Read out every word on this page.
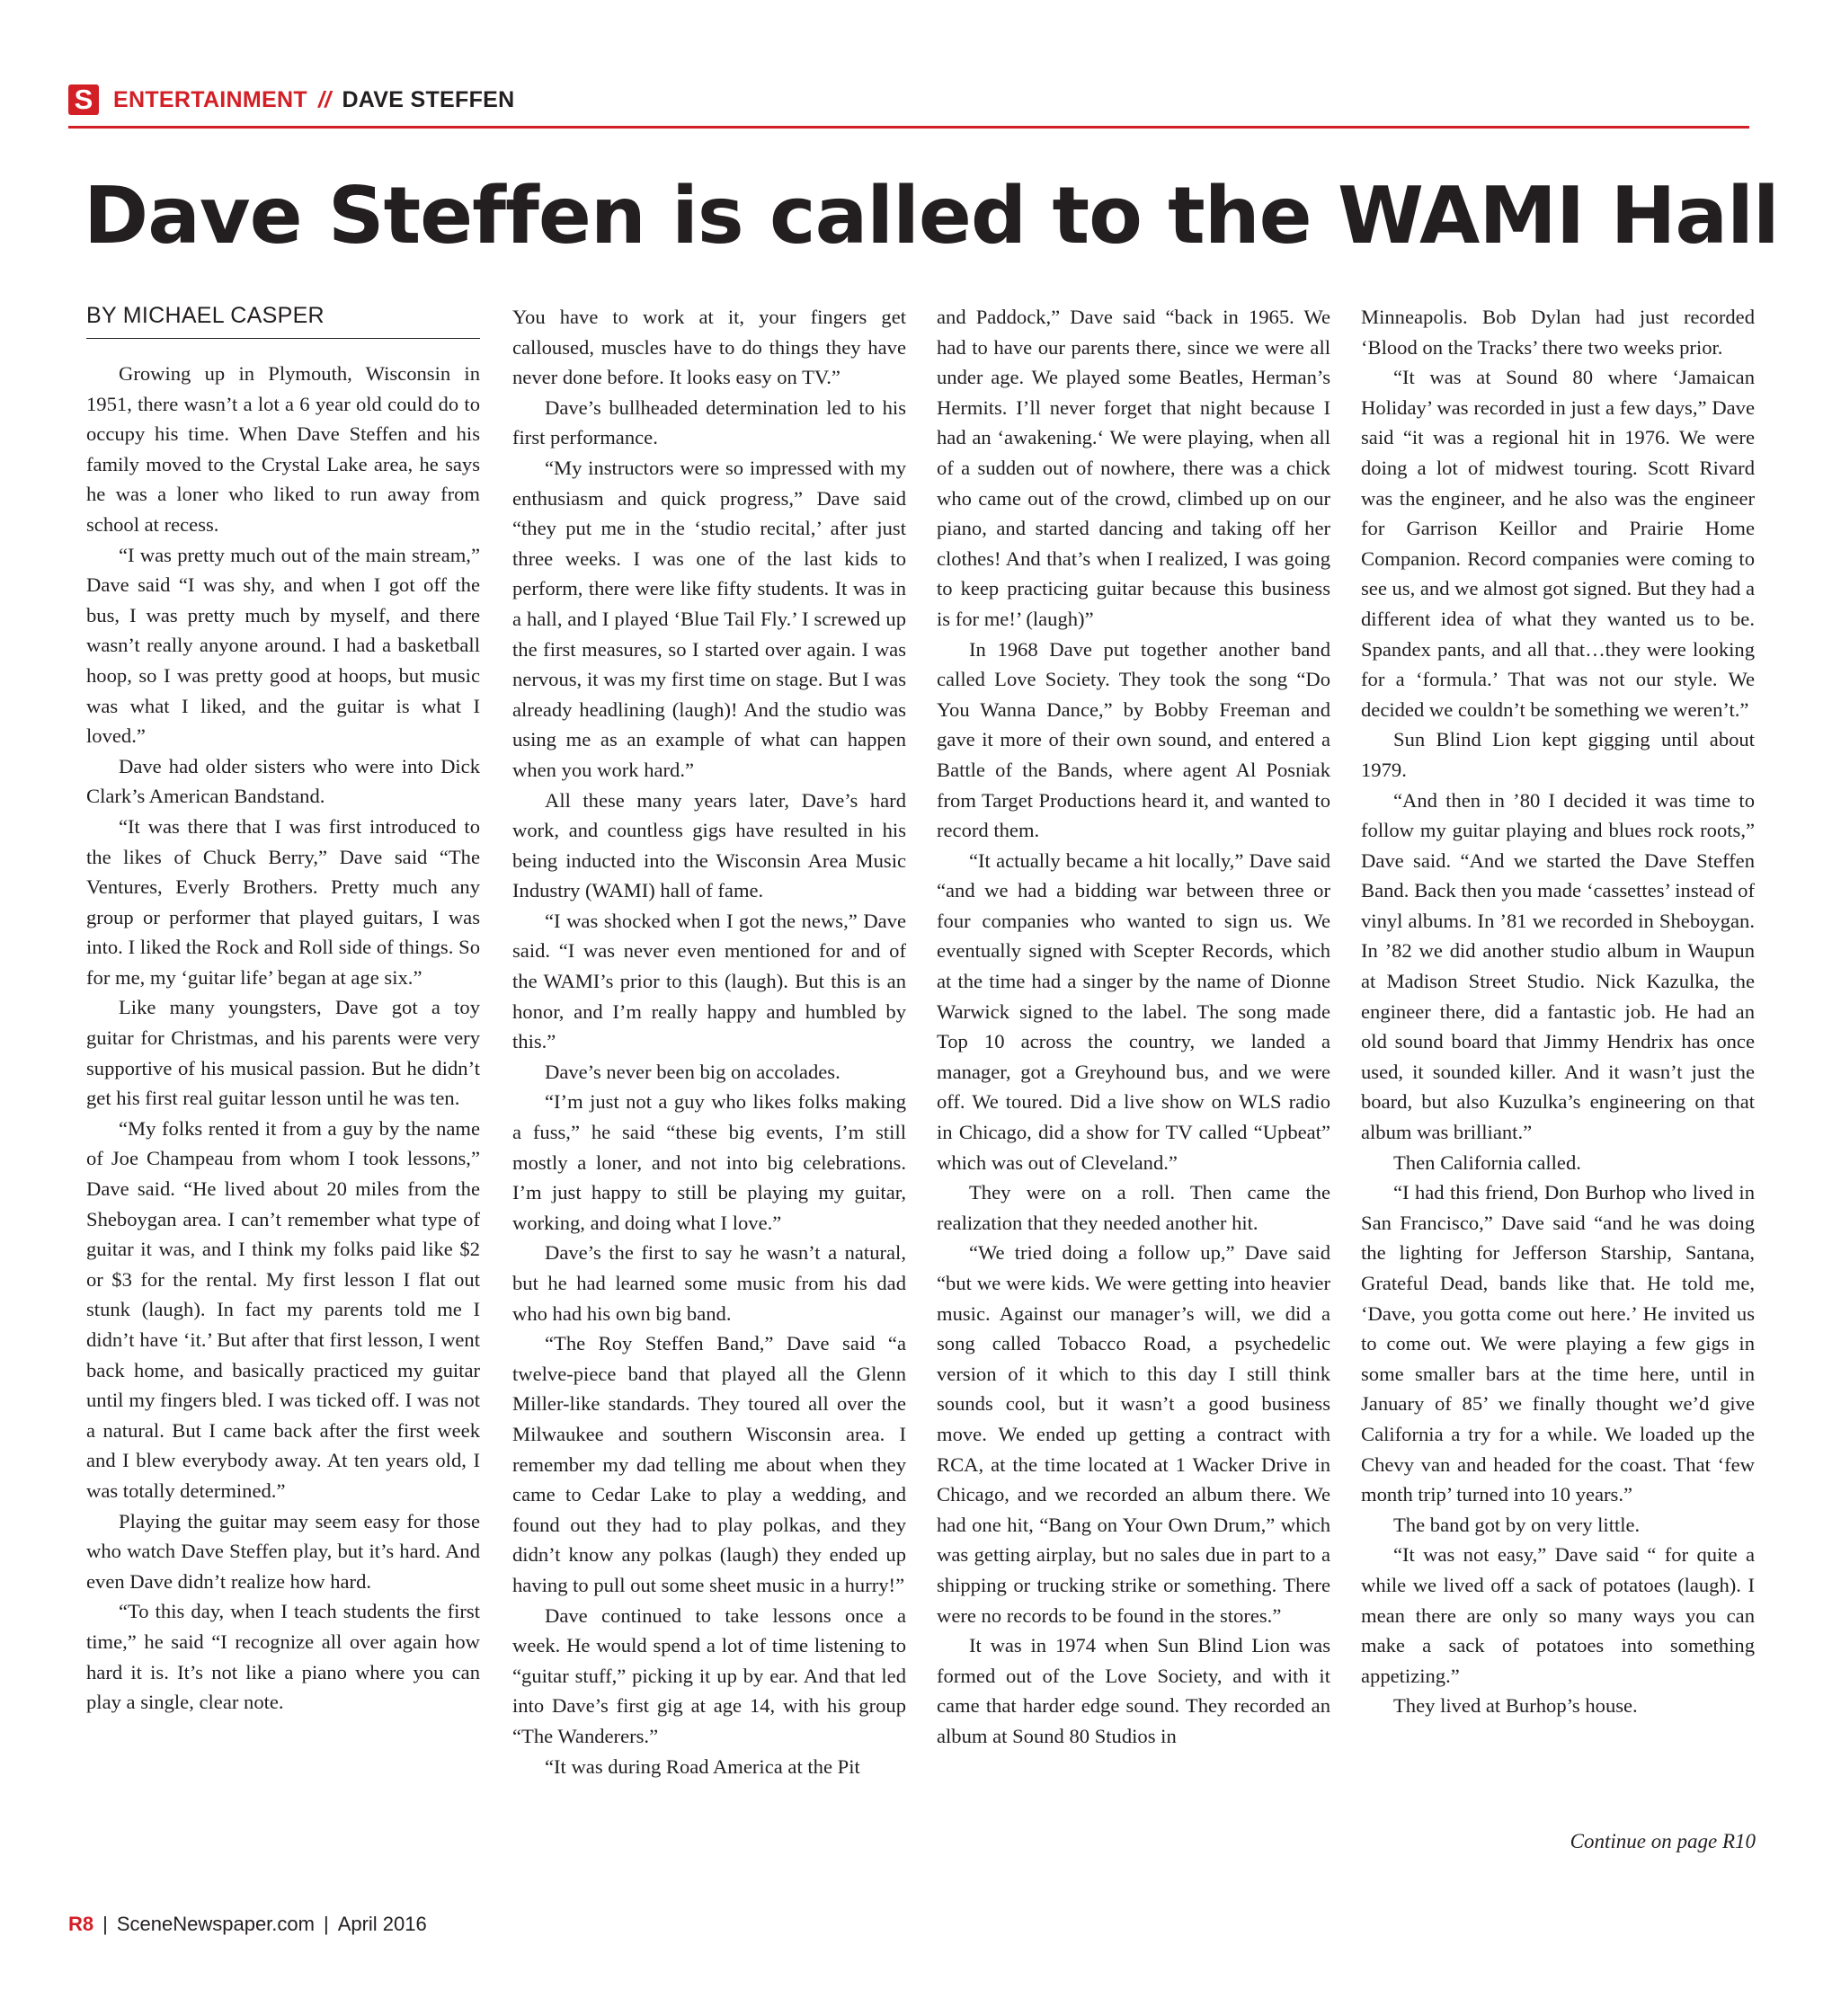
S ENTERTAINMENT // DAVE STEFFEN
Dave Steffen is called to the WAMI Hall
BY MICHAEL CASPER

Growing up in Plymouth, Wisconsin in 1951, there wasn’t a lot a 6 year old could do to occupy his time. When Dave Steffen and his family moved to the Crystal Lake area, he says he was a loner who liked to run away from school at recess.

“I was pretty much out of the main stream,” Dave said “I was shy, and when I got off the bus, I was pretty much by myself, and there wasn’t really anyone around. I had a basketball hoop, so I was pretty good at hoops, but music was what I liked, and the guitar is what I loved.”

Dave had older sisters who were into Dick Clark’s American Bandstand.

“It was there that I was first introduced to the likes of Chuck Berry,” Dave said “The Ventures, Everly Brothers. Pretty much any group or performer that played guitars, I was into. I liked the Rock and Roll side of things. So for me, my ‘guitar life’ began at age six.”

Like many youngsters, Dave got a toy guitar for Christmas, and his parents were very supportive of his musical passion. But he didn’t get his first real guitar lesson until he was ten.

“My folks rented it from a guy by the name of Joe Champeau from whom I took lessons,” Dave said. “He lived about 20 miles from the Sheboygan area. I can’t remember what type of guitar it was, and I think my folks paid like $2 or $3 for the rental. My first lesson I flat out stunk (laugh). In fact my parents told me I didn’t have ‘it.’ But after that first lesson, I went back home, and basically practiced my guitar until my fingers bled. I was ticked off. I was not a natural. But I came back after the first week and I blew everybody away. At ten years old, I was totally determined.”

Playing the guitar may seem easy for those who watch Dave Steffen play, but it’s hard. And even Dave didn’t realize how hard.

“To this day, when I teach students the first time,” he said “I recognize all over again how hard it is. It’s not like a piano where you can play a single, clear note.

You have to work at it, your fingers get calloused, muscles have to do things they have never done before. It looks easy on TV.”

Dave’s bullheaded determination led to his first performance.

“My instructors were so impressed with my enthusiasm and quick progress,” Dave said “they put me in the ‘studio recital,’ after just three weeks. I was one of the last kids to perform, there were like fifty students. It was in a hall, and I played ‘Blue Tail Fly.’ I screwed up the first measures, so I started over again. I was nervous, it was my first time on stage. But I was already headlining (laugh)! And the studio was using me as an example of what can happen when you work hard.”

All these many years later, Dave’s hard work, and countless gigs have resulted in his being inducted into the Wisconsin Area Music Industry (WAMI) hall of fame.

“I was shocked when I got the news,” Dave said. “I was never even mentioned for and of the WAMI’s prior to this (laugh). But this is an honor, and I’m really happy and humbled by this.”

Dave’s never been big on accolades.

“I’m just not a guy who likes folks making a fuss,” he said “these big events, I’m still mostly a loner, and not into big celebrations. I’m just happy to still be playing my guitar, working, and doing what I love.”

Dave’s the first to say he wasn’t a natural, but he had learned some music from his dad who had his own big band.

“The Roy Steffen Band,” Dave said “a twelve-piece band that played all the Glenn Miller-like standards. They toured all over the Milwaukee and southern Wisconsin area. I remember my dad telling me about when they came to Cedar Lake to play a wedding, and found out they had to play polkas, and they didn’t know any polkas (laugh) they ended up having to pull out some sheet music in a hurry!”

Dave continued to take lessons once a week. He would spend a lot of time listening to “guitar stuff,” picking it up by ear. And that led into Dave’s first gig at age 14, with his group “The Wanderers.”

“It was during Road America at the Pit

and Paddock,” Dave said “back in 1965. We had to have our parents there, since we were all under age. We played some Beatles, Herman’s Hermits. I’ll never forget that night because I had an ‘awakening.‘ We were playing, when all of a sudden out of nowhere, there was a chick who came out of the crowd, climbed up on our piano, and started dancing and taking off her clothes! And that’s when I realized, I was going to keep practicing guitar because this business is for me!’ (laugh)”

In 1968 Dave put together another band called Love Society. They took the song “Do You Wanna Dance,” by Bobby Freeman and gave it more of their own sound, and entered a Battle of the Bands, where agent Al Posniak from Target Productions heard it, and wanted to record them.

“It actually became a hit locally,” Dave said “and we had a bidding war between three or four companies who wanted to sign us. We eventually signed with Scepter Records, which at the time had a singer by the name of Dionne Warwick signed to the label. The song made Top 10 across the country, we landed a manager, got a Greyhound bus, and we were off. We toured. Did a live show on WLS radio in Chicago, did a show for TV called “Upbeat” which was out of Cleveland.”

They were on a roll. Then came the realization that they needed another hit.

“We tried doing a follow up,” Dave said “but we were kids. We were getting into heavier music. Against our manager’s will, we did a song called Tobacco Road, a psychedelic version of it which to this day I still think sounds cool, but it wasn’t a good business move. We ended up getting a contract with RCA, at the time located at 1 Wacker Drive in Chicago, and we recorded an album there. We had one hit, “Bang on Your Own Drum,” which was getting airplay, but no sales due in part to a shipping or trucking strike or something. There were no records to be found in the stores.”

It was in 1974 when Sun Blind Lion was formed out of the Love Society, and with it came that harder edge sound. They recorded an album at Sound 80 Studios in

Minneapolis. Bob Dylan had just recorded ‘Blood on the Tracks’ there two weeks prior.

“It was at Sound 80 where ‘Jamaican Holiday’ was recorded in just a few days,” Dave said “it was a regional hit in 1976. We were doing a lot of midwest touring. Scott Rivard was the engineer, and he also was the engineer for Garrison Keillor and Prairie Home Companion. Record companies were coming to see us, and we almost got signed. But they had a different idea of what they wanted us to be. Spandex pants, and all that…they were looking for a ‘formula.’ That was not our style. We decided we couldn’t be something we weren’t.”

Sun Blind Lion kept gigging until about 1979.

“And then in ’80 I decided it was time to follow my guitar playing and blues rock roots,” Dave said. “And we started the Dave Steffen Band. Back then you made ‘cassettes’ instead of vinyl albums. In ’81 we recorded in Sheboygan. In ’82 we did another studio album in Waupun at Madison Street Studio. Nick Kazulka, the engineer there, did a fantastic job. He had an old sound board that Jimmy Hendrix has once used, it sounded killer. And it wasn’t just the board, but also Kuzulka’s engineering on that album was brilliant.”

Then California called.

“I had this friend, Don Burhop who lived in San Francisco,” Dave said “and he was doing the lighting for Jefferson Starship, Santana, Grateful Dead, bands like that. He told me, ‘Dave, you gotta come out here.’ He invited us to come out. We were playing a few gigs in some smaller bars at the time here, until in January of 85’ we finally thought we’d give California a try for a while. We loaded up the Chevy van and headed for the coast. That ‘few month trip’ turned into 10 years.”

The band got by on very little.

“It was not easy,” Dave said “ for quite a while we lived off a sack of potatoes (laugh). I mean there are only so many ways you can make a sack of potatoes into something appetizing.”

They lived at Burhop’s house.

Continue on page R10
R8 | SceneNewspaper.com | April 2016
